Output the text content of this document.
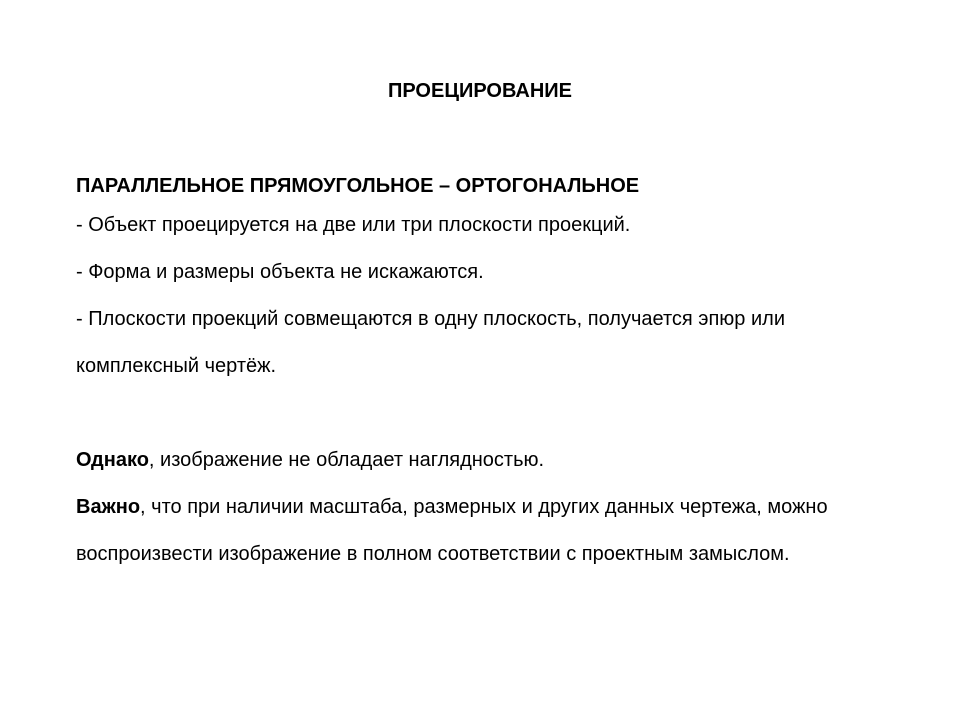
ПРОЕЦИРОВАНИЕ

ПАРАЛЛЕЛЬНОЕ ПРЯМОУГОЛЬНОЕ – ОРТОГОНАЛЬНОЕ

- Объект проецируется на две или три плоскости проекций.

- Форма и размеры объекта не искажаются.

- Плоскости проекций совмещаются в одну плоскость, получается эпюр или комплексный чертёж.

Однако, изображение не обладает наглядностью.

Важно, что при наличии масштаба, размерных и других данных чертежа, можно воспроизвести изображение в полном соответствии с проектным замыслом.
